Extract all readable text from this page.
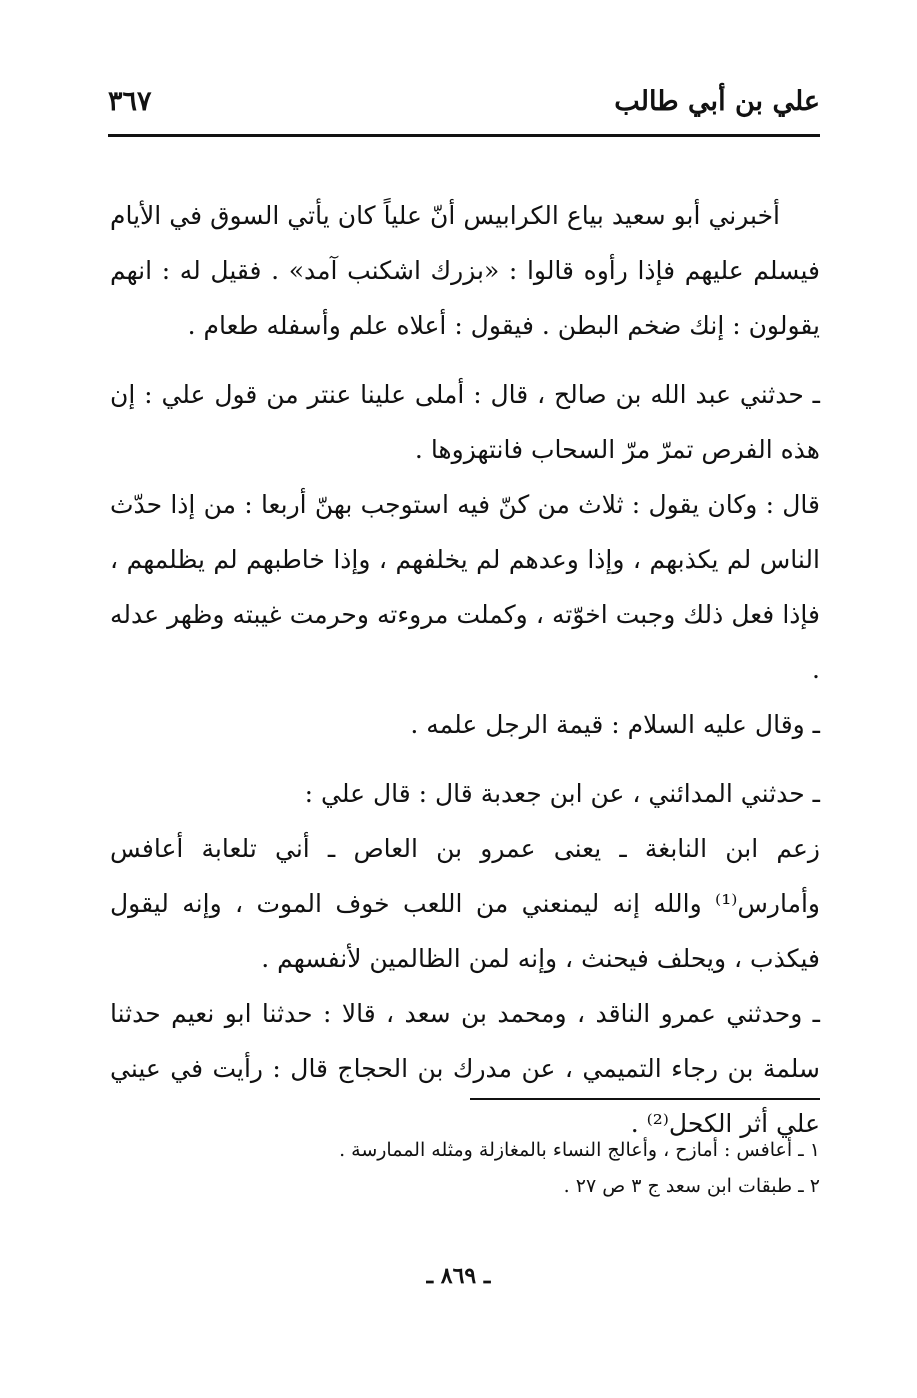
علي بن أبي طالب
٣٦٧

أخبرني أبو سعيد بياع الكرابيس أنّ علياً كان يأتي السوق في الأيام فيسلم عليهم فإذا رأوه قالوا : «بزرك اشكنب آمد» . فقيل له : انهم يقولون : إنك ضخم البطن . فيقول : أعلاه علم وأسفله طعام .

ـ حدثني عبد الله بن صالح ، قال : أملى علينا عنتر من قول علي : إن هذه الفرص تمرّ مرّ السحاب فانتهزوها .

قال : وكان يقول : ثلاث من كنّ فيه استوجب بهنّ أربعا : من إذا حدّث الناس لم يكذبهم ، وإذا وعدهم لم يخلفهم ، وإذا خاطبهم لم يظلمهم ، فإذا فعل ذلك وجبت اخوّته ، وكملت مروءته وحرمت غيبته وظهر عدله .

ـ وقال عليه السلام : قيمة الرجل علمه .

ـ حدثني المدائني ، عن ابن جعدبة قال : قال علي :

زعم ابن النابغة ـ يعنى عمرو بن العاص ـ أني تلعابة أعافس وأمارس⁽¹⁾ والله إنه ليمنعني من اللعب خوف الموت ، وإنه ليقول فيكذب ، ويحلف فيحنث ، وإنه لمن الظالمين لأنفسهم .

ـ وحدثني عمرو الناقد ، ومحمد بن سعد ، قالا : حدثنا ابو نعيم حدثنا سلمة بن رجاء التميمي ، عن مدرك بن الحجاج قال : رأيت في عيني علي أثر الكحل⁽²⁾ .

١ ـ أعافس : أمازح ، وأعالج النساء بالمغازلة ومثله الممارسة .

٢ ـ طبقات ابن سعد ج ٣ ص ٢٧ .

ـ ٨٦٩ ـ
